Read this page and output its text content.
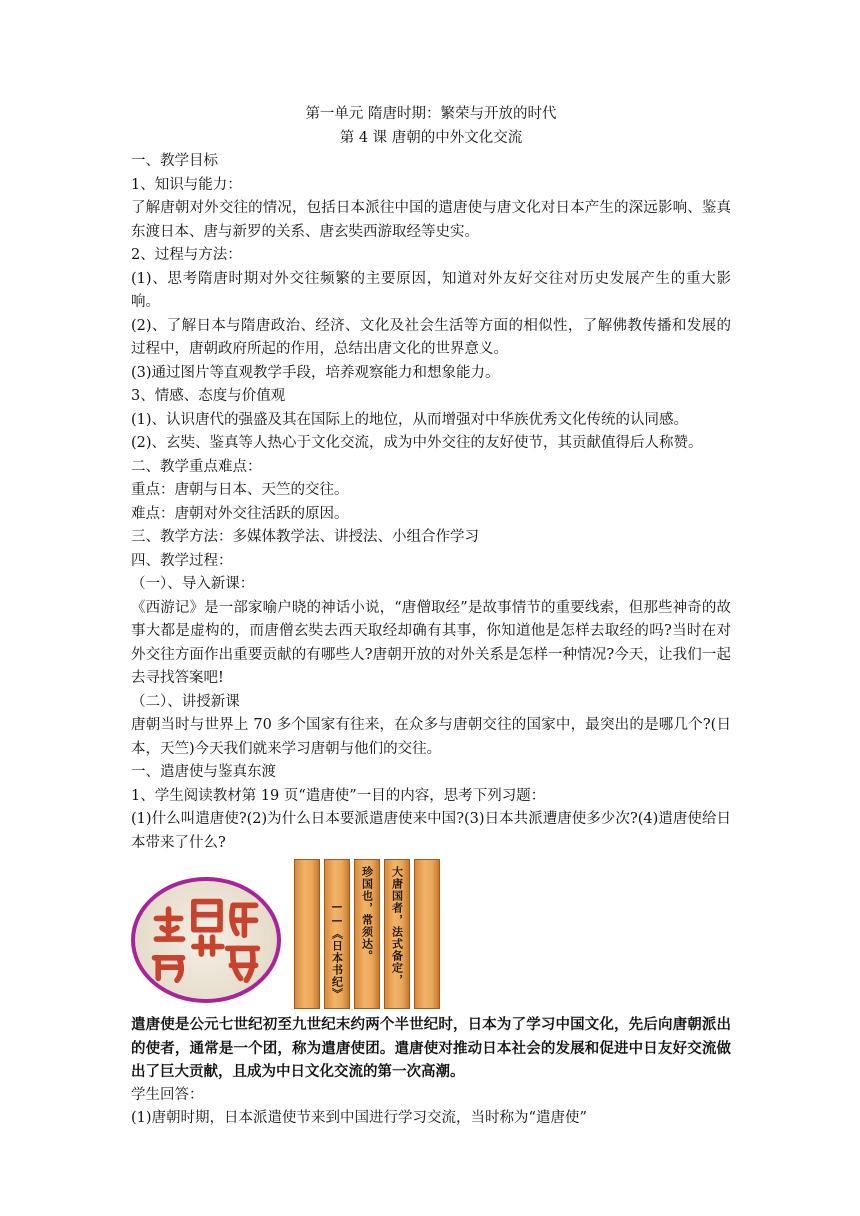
第一单元 隋唐时期：繁荣与开放的时代

第 4 课 唐朝的中外文化交流

一、教学目标

1、知识与能力：

了解唐朝对外交往的情况，包括日本派往中国的遣唐使与唐文化对日本产生的深远影响、鉴真东渡日本、唐与新罗的关系、唐玄奘西游取经等史实。

2、过程与方法：

(1)、思考隋唐时期对外交往频繁的主要原因，知道对外友好交往对历史发展产生的重大影响。

(2)、了解日本与隋唐政治、经济、文化及社会生活等方面的相似性，了解佛教传播和发展的过程中，唐朝政府所起的作用，总结出唐文化的世界意义。

(3)通过图片等直观教学手段，培养观察能力和想象能力。

3、情感、态度与价值观

(1)、认识唐代的强盛及其在国际上的地位，从而增强对中华族优秀文化传统的认同感。

(2)、玄奘、鉴真等人热心于文化交流，成为中外交往的友好使节，其贡献值得后人称赞。

二、教学重点难点：

重点：唐朝与日本、天竺的交往。

难点：唐朝对外交往活跃的原因。

三、教学方法：多媒体教学法、讲授法、小组合作学习

四、教学过程：

（一）、导入新课：

《西游记》是一部家喻户晓的神话小说，“唐僧取经”是故事情节的重要线索，但那些神奇的故事大都是虚构的，而唐僧玄奘去西天取经却确有其事，你知道他是怎样去取经的吗?当时在对外交往方面作出重要贡献的有哪些人?唐朝开放的对外关系是怎样一种情况?今天，让我们一起去寻找答案吧!

（二）、讲授新课

唐朝当时与世界上 70 多个国家有往来，在众多与唐朝交往的国家中，最突出的是哪几个?(日本，天竺)今天我们就来学习唐朝与他们的交往。

一、遣唐使与鉴真东渡

1、学生阅读教材第 19 页“遣唐使”一目的内容，思考下列习题：

(1)什么叫遣唐使?(2)为什么日本要派遣唐使来中国?(3)日本共派遭唐使多少次?(4)遣唐使给日本带来了什么?

——《日本书纪》 珍国也，常须达。 大唐国者，法式备定，

遣唐使是公元七世纪初至九世纪末约两个半世纪时，日本为了学习中国文化，先后向唐朝派出的使者，通常是一个团，称为遣唐使团。遣唐使对推动日本社会的发展和促进中日友好交流做出了巨大贡献，且成为中日文化交流的第一次高潮。

学生回答：

(1)唐朝时期，日本派遣使节来到中国进行学习交流，当时称为“遣唐使”
